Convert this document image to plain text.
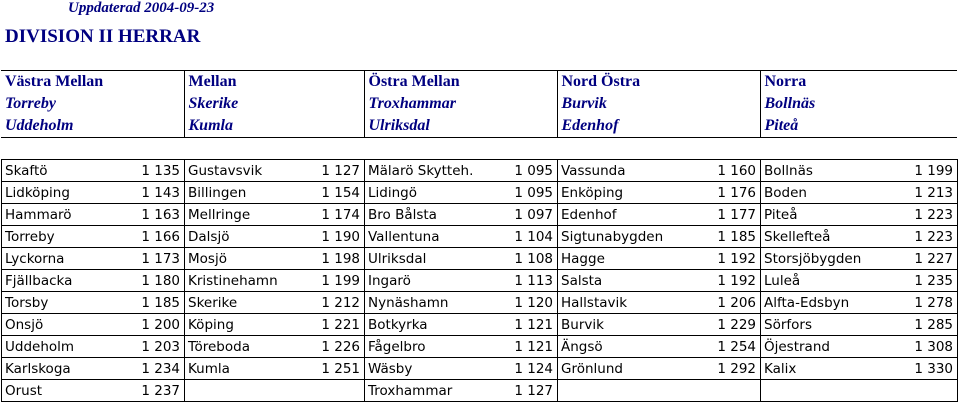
Uppdaterad 2004-09-23
DIVISION II HERRAR
Västra Mellan	Mellan	Östra Mellan	Nord Östra	Norra
Torreby	Skerike	Troxhammar	Burvik	Bollnäs
Uddeholm	Kumla	Ulriksdal	Edenhof	Piteå
Skaftö 1 135	Gustavsvik 1 127	Mälarö Skytteh. 1 095	Vassunda 1 160	Bollnäs 1 199

Lidköping 1 143	Billingen 1 154	Lidingö 1 095	Enköping 1 176	Boden 1 213

Hammarö 1 163	Mellringe 1 174	Bro Bålsta 1 097	Edenhof 1 177	Piteå 1 223

Torreby 1 166	Dalsjö 1 190	Vallentuna 1 104	Sigtunabygden 1 185	Skellefteå 1 223

Lyckorna 1 173	Mosjö 1 198	Ulriksdal 1 108	Hagge 1 192	Storsjöbygden 1 227

Fjällbacka 1 180	Kristinehamn 1 199	Ingarö 1 113	Salsta 1 192	Luleå 1 235

Torsby 1 185	Skerike 1 212	Nynäshamn 1 120	Hallstavik 1 206	Alfta-Edsbyn 1 278

Onsjö 1 200	Köping 1 221	Botkyrka 1 121	Burvik 1 229	Sörfors 1 285

Uddeholm 1 203	Töreboda 1 226	Fågelbro 1 121	Ängsö 1 254	Öjestrand 1 308

Karlskoga 1 234	Kumla 1 251	Wäsby 1 124	Grönlund 1 292	Kalix 1 330

Orust 1 237		Troxhammar 1 127		
